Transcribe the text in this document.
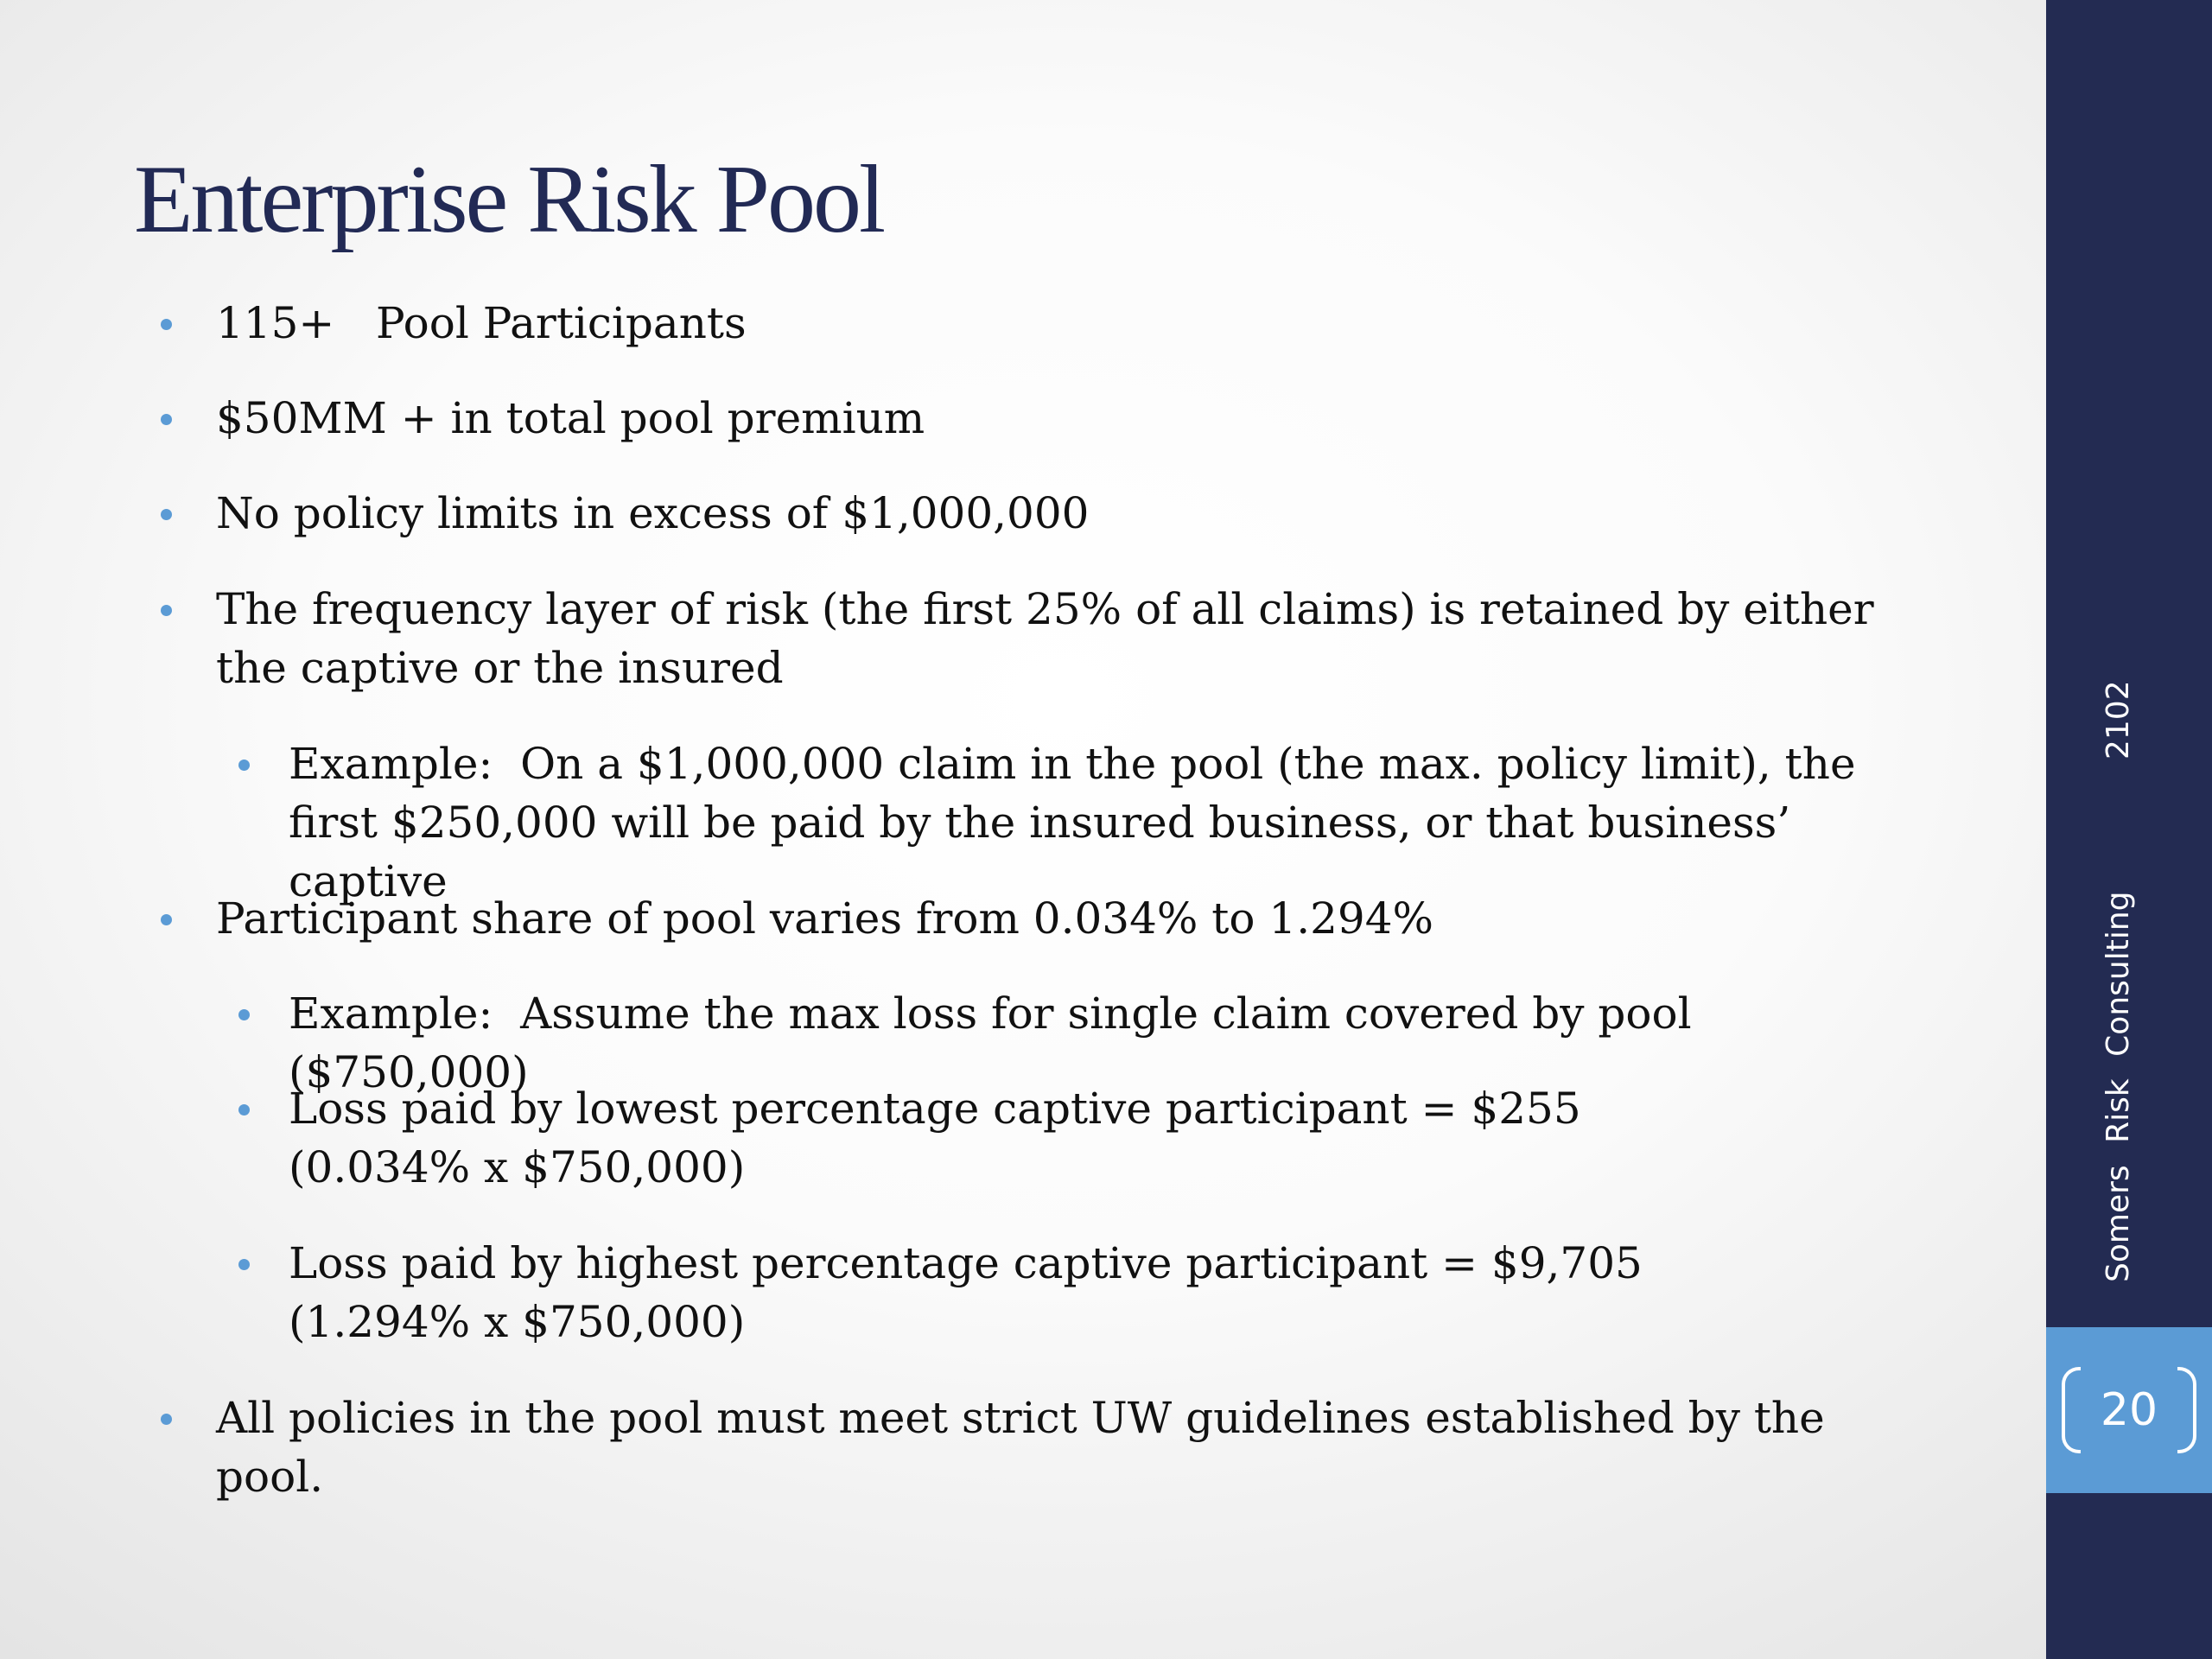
Enterprise Risk Pool
115+   Pool Participants
$50MM + in total pool premium
No policy limits in excess of $1,000,000
The frequency layer of risk (the first 25% of all claims) is retained by either the captive or the insured
Example:  On a $1,000,000 claim in the pool (the max. policy limit), the first $250,000 will be paid by the insured business, or that business’ captive
Participant share of pool varies from 0.034% to 1.294%
Example:  Assume the max loss for single claim covered by pool ($750,000)
Loss paid by lowest percentage captive participant = $255 (0.034% x $750,000)
Loss paid by highest percentage captive participant = $9,705 (1.294% x $750,000)
All policies in the pool must meet strict UW guidelines established by the pool.
Somers Risk Consulting
2102
20
